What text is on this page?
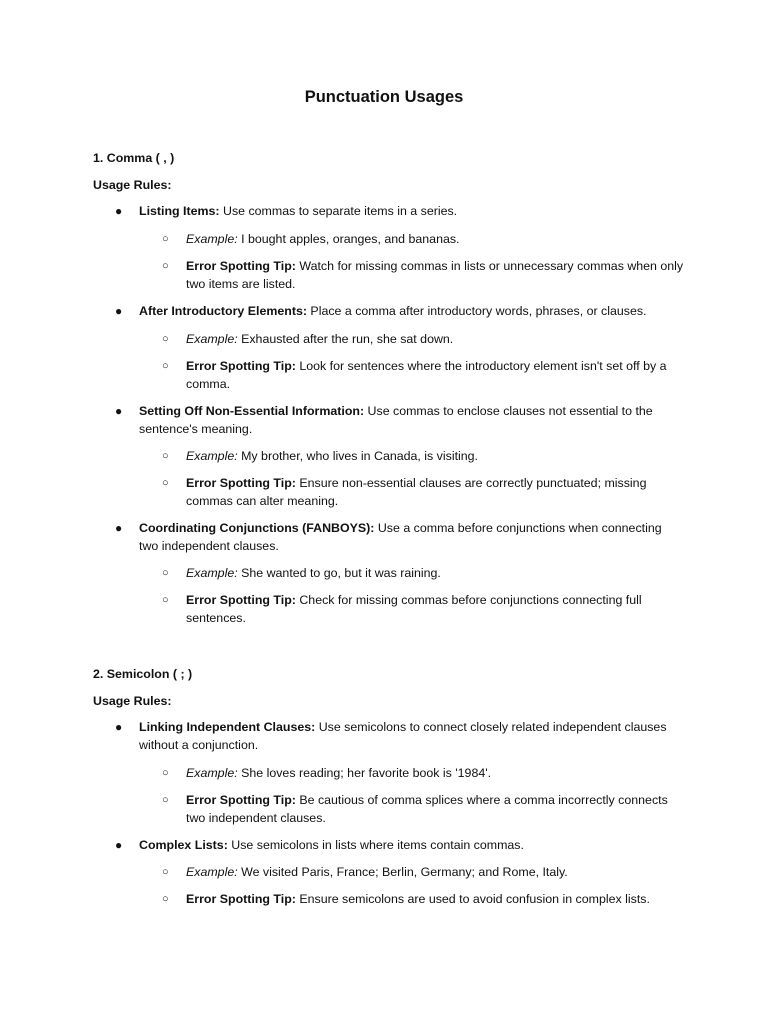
Punctuation Usages

1. Comma ( , )

Usage Rules:

● Listing Items: Use commas to separate items in a series.

○ Example: I bought apples, oranges, and bananas.

○ Error Spotting Tip: Watch for missing commas in lists or unnecessary commas when only two items are listed.

● After Introductory Elements: Place a comma after introductory words, phrases, or clauses.

○ Example: Exhausted after the run, she sat down.

○ Error Spotting Tip: Look for sentences where the introductory element isn't set off by a comma.

● Setting Off Non-Essential Information: Use commas to enclose clauses not essential to the sentence's meaning.

○ Example: My brother, who lives in Canada, is visiting.

○ Error Spotting Tip: Ensure non-essential clauses are correctly punctuated; missing commas can alter meaning.

● Coordinating Conjunctions (FANBOYS): Use a comma before conjunctions when connecting two independent clauses.

○ Example: She wanted to go, but it was raining.

○ Error Spotting Tip: Check for missing commas before conjunctions connecting full sentences.

2. Semicolon ( ; )

Usage Rules:

● Linking Independent Clauses: Use semicolons to connect closely related independent clauses without a conjunction.

○ Example: She loves reading; her favorite book is '1984'.

○ Error Spotting Tip: Be cautious of comma splices where a comma incorrectly connects two independent clauses.

● Complex Lists: Use semicolons in lists where items contain commas.

○ Example: We visited Paris, France; Berlin, Germany; and Rome, Italy.

○ Error Spotting Tip: Ensure semicolons are used to avoid confusion in complex lists.
